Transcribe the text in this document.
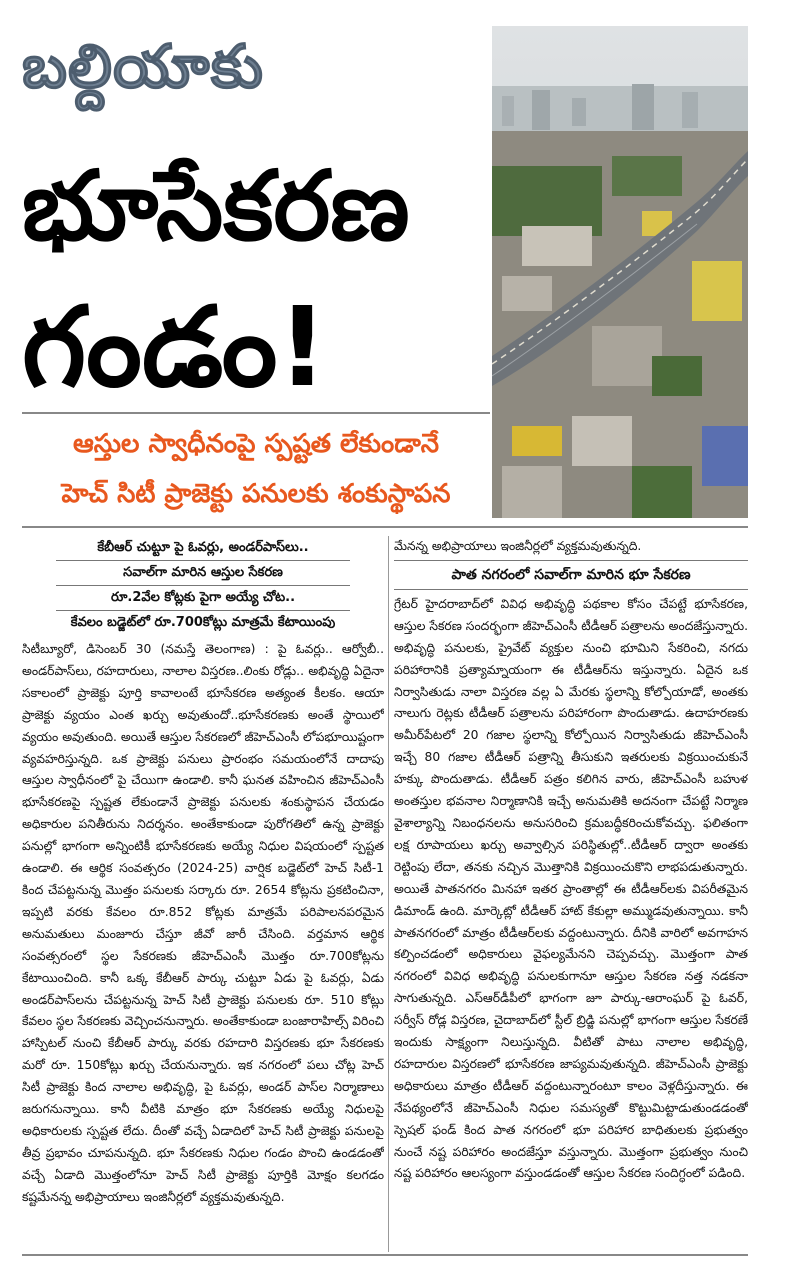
బల్దియాకు
భూసేకరణ
గండం!
ఆస్తుల స్వాధీనంపై స్పష్టత లేకుండానే
హెచ్ సిటీ ప్రాజెక్టు పనులకు శంకుస్థాపన
కేబీఆర్ చుట్టూ పై ఓవర్లు, అండర్‌పాస్‌లు..
సవాల్‌గా మారిన ఆస్తుల సేకరణ
రూ.2వేల కోట్లకు పైగా అయ్యే చోట..
కేవలం బడ్జెట్‌లో రూ.700కోట్లు మాత్రమే కేటాయింపు

సిటీబ్యూరో, డిసెంబర్ 30 (నమస్తే తెలంగాణ) : పై ఓవర్లు.. ఆర్వోబీ.. అండర్‌పాస్‌లు, రహదారులు, నాలాల విస్తరణ..లింకు రోడ్లు.. అభివృద్ధి ఏదైనా సకాలంలో ప్రాజెక్టు పూర్తి కావాలంటే భూసేకరణ అత్యంత కీలకం. ఆయా ప్రాజెక్టు వ్యయం ఎంత ఖర్చు అవుతుందో..భూసేకరణకు అంతే స్థాయిలో వ్యయం అవుతుంది. అయితే ఆస్తుల సేకరణలో జీహెచ్‌ఎంసీ లోపభూయిష్టంగా వ్యవహరిస్తున్నది. ఒక ప్రాజెక్టు పనులు ప్రారంభం సమయంలోనే దాదాపు ఆస్తుల స్వాధీనంలో పై చేయిగా ఉండాలి. కానీ ఘనత వహించిన జీహెచ్‌ఎంసీ భూసేకరణపై స్పష్టత లేకుండానే ప్రాజెక్టు పనులకు శంకుస్థాపన చేయడం అధికారుల పనితీరును నిదర్శనం. అంతేకాకుండా పురోగతిలో ఉన్న ప్రాజెక్టు పనుల్లో భాగంగా అన్నింటికీ భూసేకరణకు అయ్యే నిధుల విషయంలో స్పష్టత ఉండాలి. ఈ ఆర్థిక సంవత్సరం (2024-25) వార్షిక బడ్జెట్‌లో హెచ్ సిటీ-1 కింద చేపట్టనున్న మొత్తం పనులకు సర్కారు రూ. 2654 కోట్లను ప్రకటించినా, ఇప్పటి వరకు కేవలం రూ.852 కోట్లకు మాత్రమే పరిపాలనపరమైన అనుమతులు మంజూరు చేస్తూ జీవో జారీ చేసింది. వర్తమాన ఆర్థిక సంవత్సరంలో స్థల సేకరణకు జీహెచ్‌ఎంసీ మొత్తం రూ.700కోట్లను కేటాయించింది. కానీ ఒక్క కేబీఆర్ పార్కు చుట్టూ ఏడు పై ఓవర్లు, ఏడు అండర్‌పాస్‌లను చేపట్టనున్న హెచ్ సిటీ ప్రాజెక్టు పనులకు రూ. 510 కోట్లు కేవలం స్థల సేకరణకు వెచ్చించనున్నారు. అంతేకాకుండా బంజారాహిల్స్ విరించి హాస్పిటల్ నుంచి కేబీఆర్ పార్కు వరకు రహదారి విస్తరణకు భూ సేకరణకు మరో రూ. 150కోట్లు ఖర్చు చేయనున్నారు. ఇక నగరంలో పలు చోట్ల హెచ్ సిటీ ప్రాజెక్టు కింద నాలాల అభివృద్ధి, పై ఓవర్లు, అండర్ పాస్‌ల నిర్మాణాలు జరుగనున్నాయి. కానీ వీటికి మాత్రం భూ సేకరణకు అయ్యే నిధులపై అధికారులకు స్పష్టత లేదు. దీంతో వచ్చే ఏడాదిలో హెచ్ సిటీ ప్రాజెక్టు పనులపై తీవ్ర ప్రభావం చూపనున్నది. భూ సేకరణకు నిధుల గండం పొంచి ఉండడంతో వచ్చే ఏడాది మొత్తంలోనూ హెచ్ సిటీ ప్రాజెక్టు పూర్తికి మోక్షం కలగడం కష్టమేనన్న అభిప్రాయాలు ఇంజినీర్లలో వ్యక్తమవుతున్నది.

మేనన్న అభిప్రాయాలు ఇంజినీర్లలో వ్యక్తమవుతున్నది.
పాత నగరంలో సవాల్‌గా మారిన భూ సేకరణ

గ్రేటర్ హైదరాబాద్‌లో వివిధ అభివృద్ధి పథకాల కోసం చేపట్టే భూసేకరణ, ఆస్తుల సేకరణ సందర్భంగా జీహెచ్‌ఎంసీ టీడీఆర్ పత్రాలను అందజేస్తున్నారు. అభివృద్ధి పనులకు, ప్రైవేట్ వ్యక్తుల నుంచి భూమిని సేకరించి, నగదు పరిహారానికి ప్రత్యామ్నాయంగా ఈ టీడీఆర్‌ను ఇస్తున్నారు. ఏదైన ఒక నిర్వాసితుడు నాలా విస్తరణ వల్ల ఏ మేరకు స్థలాన్ని కోల్పోయాడో, అంతకు నాలుగు రెట్లకు టీడీఆర్ పత్రాలను పరిహారంగా పొందుతాడు. ఉదాహరణకు అమీర్‌పేటలో 20 గజాల స్థలాన్ని కోల్పోయిన నిర్వాసితుడు జీహెచ్‌ఎంసీ ఇచ్చే 80 గజాల టీడీఆర్ పత్రాన్ని తీసుకుని ఇతరులకు విక్రయించుకునే హక్కు పొందుతాడు. టీడీఆర్ పత్రం కలిగిన వారు, జీహెచ్‌ఎంసీ బహుళ అంతస్తుల భవనాల నిర్మాణానికి ఇచ్చే అనుమతికి అదనంగా చేపట్టే నిర్మాణ వైశాల్యాన్ని నిబంధనలను అనుసరించి క్రమబద్ధీకరించుకోవచ్చు. ఫలితంగా లక్ష రూపాయలు ఖర్చు అవ్వాల్సిన పరిస్థితుల్లో..టీడీఆర్ ద్వారా అంతకు రెట్టింపు లేదా, తనకు నచ్చిన మొత్తానికి విక్రయించుకొని లాభపడుతున్నారు. అయితే పాతనగరం మినహా ఇతర ప్రాంతాల్లో ఈ టీడీఆర్‌లకు విపరీతమైన డిమాండ్ ఉంది. మార్కెట్లో టీడీఆర్ హాట్ కేకుల్లా అమ్ముడవుతున్నాయి. కానీ పాతనగరంలో మాత్రం టీడీఆర్‌లకు వద్దంటున్నారు. దీనికి వారిలో అవగాహన కల్పించడంలో అధికారులు వైఫల్యమేనని చెప్పవచ్చు. మొత్తంగా పాత నగరంలో వివిధ అభివృద్ధి పనులకుగానూ ఆస్తుల సేకరణ నత్త నడకనా సాగుతున్నది. ఎస్‌ఆర్‌డీపీలో భాగంగా జూ పార్కు-ఆరాంఘర్ పై ఓవర్, సర్వీస్ రోడ్ల విస్తరణ, చైదాబాద్‌లో స్టీల్ బ్రిడ్జి పనుల్లో భాగంగా ఆస్తుల సేకరణే ఇందుకు సాక్ష్యంగా నిలుస్తున్నది. వీటితో పాటు నాలాల అభివృద్ధి, రహదారుల విస్తరణలో భూసేకరణ జాప్యమవుతున్నది. జీహెచ్‌ఎంసీ ప్రాజెక్టు అధికారులు మాత్రం టీడీఆర్ వద్దంటున్నారంటూ కాలం వెళ్లదీస్తున్నారు. ఈ నేపథ్యంలోనే జీహెచ్‌ఎంసీ నిధుల సమస్యతో కొట్టుమిట్టాడుతుండడంతో స్పెషల్ ఫండ్ కింద పాత నగరంలో భూ పరిహార బాధితులకు ప్రభుత్వం నుంచే నష్ట పరిహారం అందజేస్తూ వస్తున్నారు. మొత్తంగా ప్రభుత్వం నుంచి నష్ట పరిహారం ఆలస్యంగా వస్తుండడంతో ఆస్తుల సేకరణ సందిగ్ధంలో పడింది.
